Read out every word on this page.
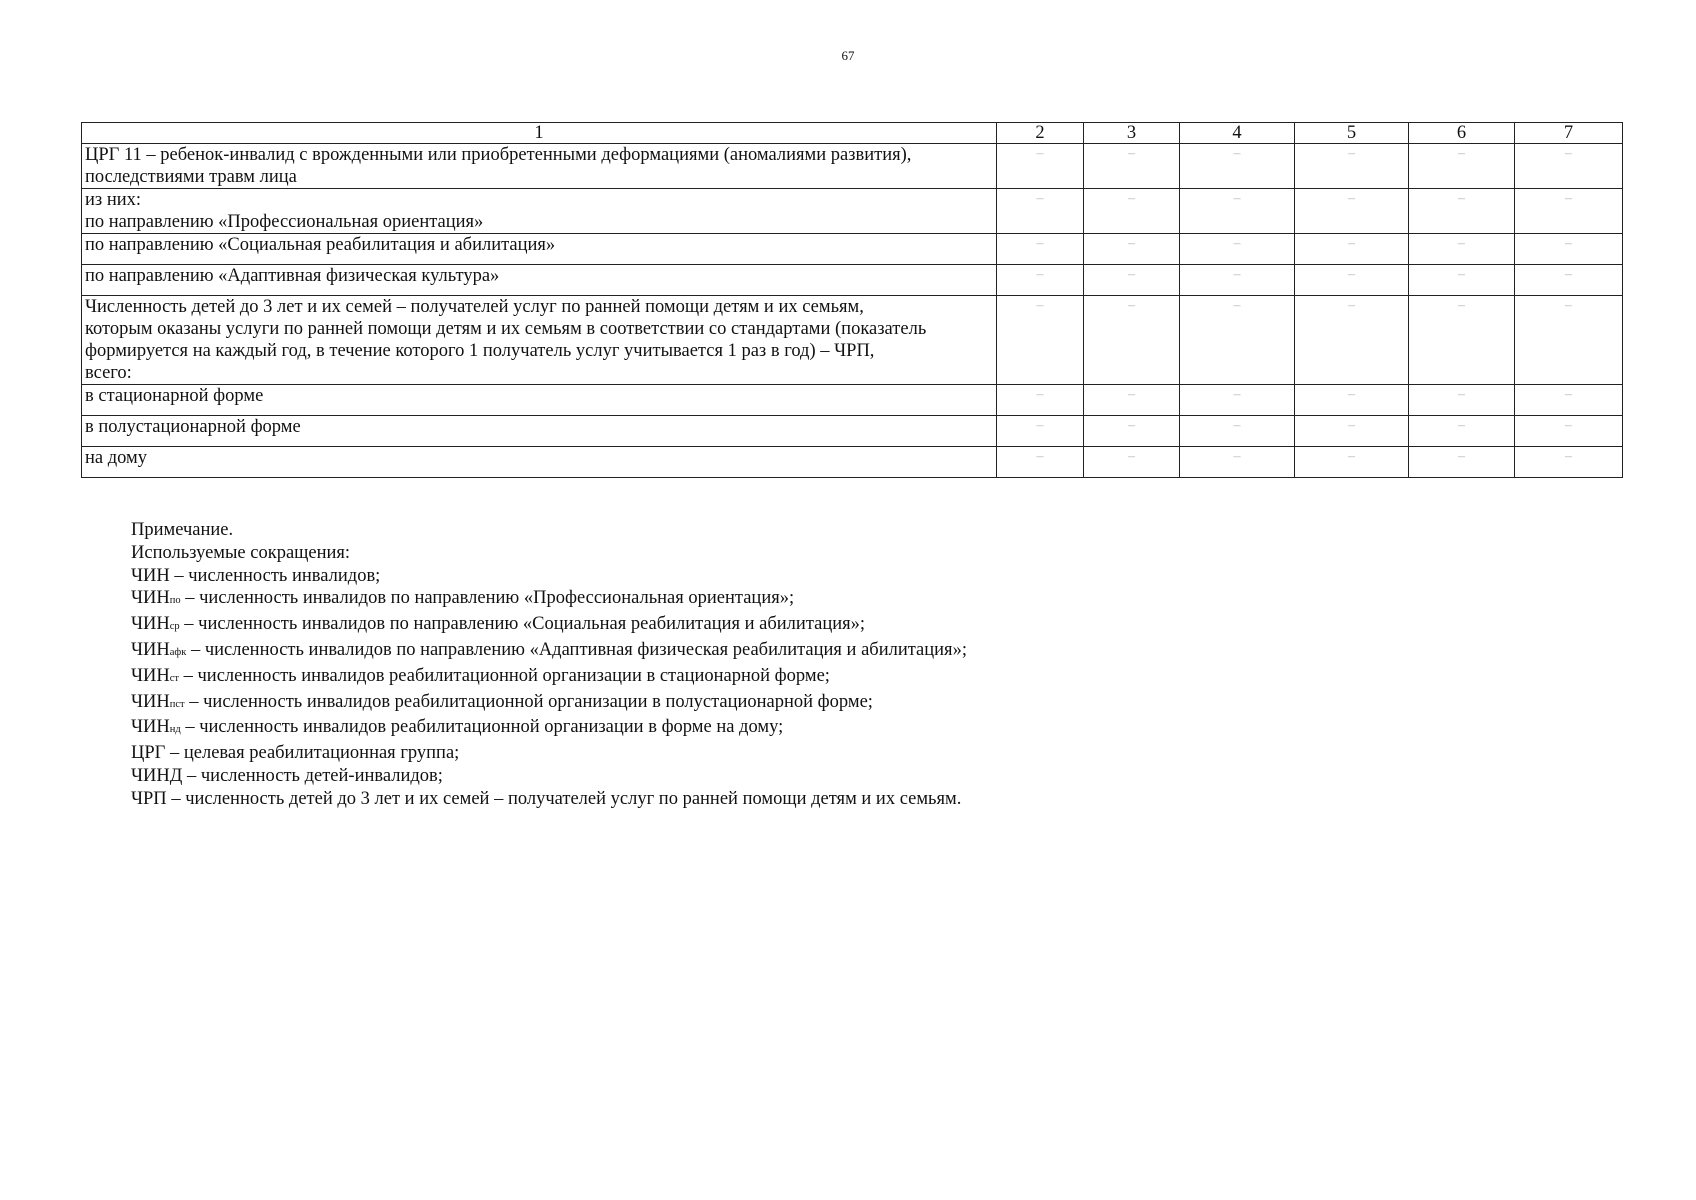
67
1	2	3	4	5	6	7

ЦРГ 11 – ребенок-инвалид с врожденными или приобретенными деформациями (аномалиями развития),
последствиями травм лица	–	–	–	–	–	–

из них:
по направлению «Профессиональная ориентация»	–	–	–	–	–	–

по направлению «Социальная реабилитация и абилитация»	–	–	–	–	–	–

по направлению «Адаптивная физическая культура»	–	–	–	–	–	–

Численность детей до 3 лет и их семей – получателей услуг по ранней помощи детям и их семьям,
которым оказаны услуги по ранней помощи детям и их семьям в соответствии со стандартами (показатель
формируется на каждый год, в течение которого 1 получатель услуг учитывается 1 раз в год) – ЧРП,
всего:	–	–	–	–	–	–

в стационарной форме	–	–	–	–	–	–

в полустационарной форме	–	–	–	–	–	–

на дому	–	–	–	–	–	–
Примечание.
Используемые сокращения:
ЧИН – численность инвалидов;
ЧИНпо – численность инвалидов по направлению «Профессиональная ориентация»;
ЧИНср – численность инвалидов по направлению «Социальная реабилитация и абилитация»;
ЧИНафк – численность инвалидов по направлению «Адаптивная физическая реабилитация и абилитация»;
ЧИНст – численность инвалидов реабилитационной организации в стационарной форме;
ЧИНпст – численность инвалидов реабилитационной организации в полустационарной форме;
ЧИНнд – численность инвалидов реабилитационной организации в форме на дому;
ЦРГ – целевая реабилитационная группа;
ЧИНД – численность детей-инвалидов;
ЧРП – численность детей до 3 лет и их семей – получателей услуг по ранней помощи детям и их семьям.
